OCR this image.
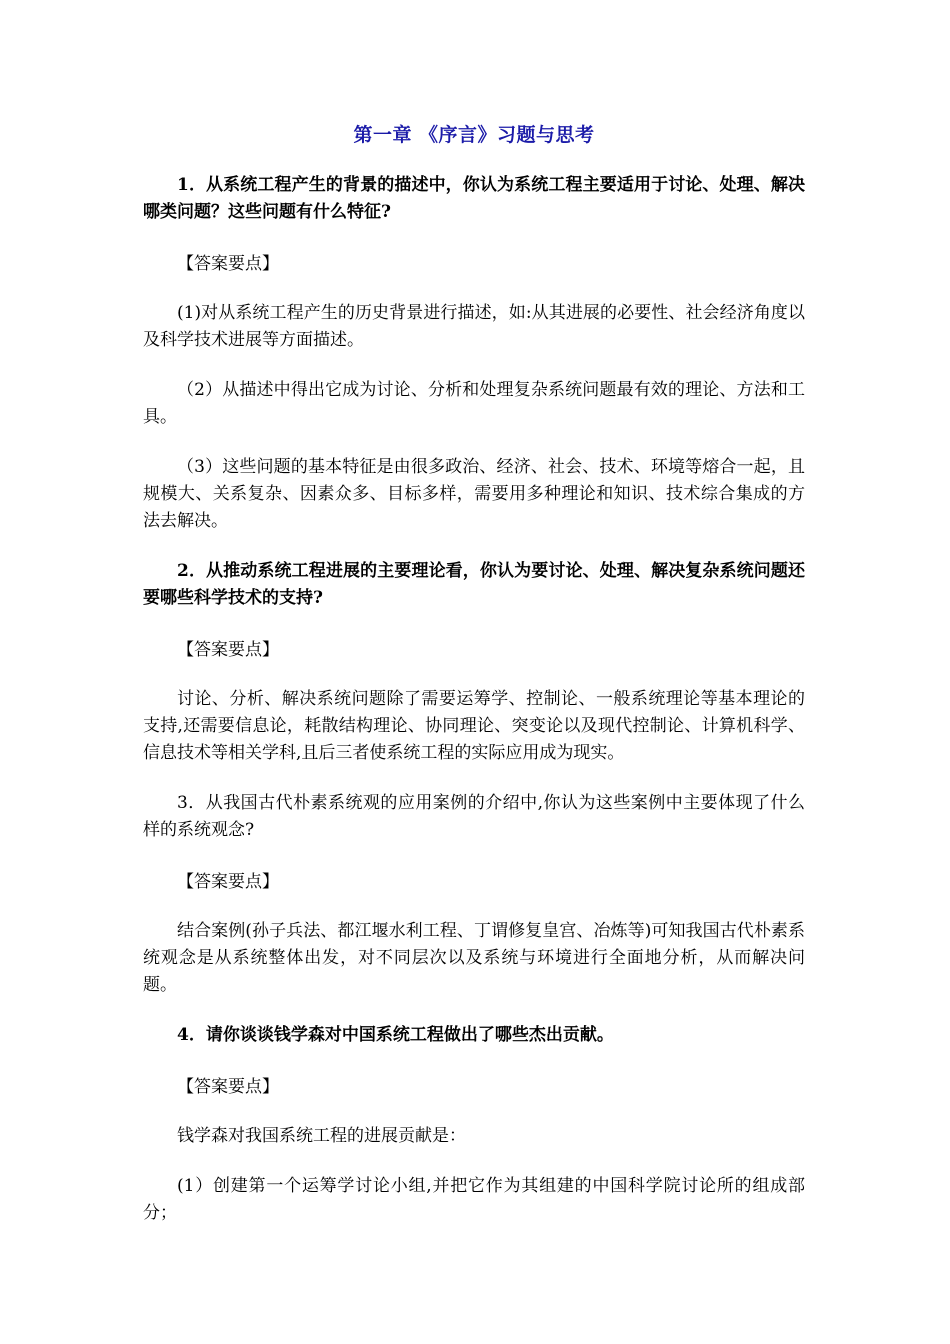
第一章 《序言》习题与思考

1．从系统工程产生的背景的描述中，你认为系统工程主要适用于讨论、处理、解决哪类问题？这些问题有什么特征?

【答案要点】

(1)对从系统工程产生的历史背景进行描述，如:从其进展的必要性、社会经济角度以及科学技术进展等方面描述。

（2）从描述中得出它成为讨论、分析和处理复杂系统问题最有效的理论、方法和工具。

（3）这些问题的基本特征是由很多政治、经济、社会、技术、环境等熔合一起，且规模大、关系复杂、因素众多、目标多样，需要用多种理论和知识、技术综合集成的方法去解决。

2．从推动系统工程进展的主要理论看，你认为要讨论、处理、解决复杂系统问题还要哪些科学技术的支持?

【答案要点】

讨论、分析、解决系统问题除了需要运筹学、控制论、一般系统理论等基本理论的支持,还需要信息论，耗散结构理论、协同理论、突变论以及现代控制论、计算机科学、信息技术等相关学科,且后三者使系统工程的实际应用成为现实。

3．从我国古代朴素系统观的应用案例的介绍中,你认为这些案例中主要体现了什么样的系统观念?

【答案要点】

结合案例(孙子兵法、都江堰水利工程、丁谓修复皇宫、冶炼等)可知我国古代朴素系统观念是从系统整体出发，对不同层次以及系统与环境进行全面地分析，从而解决问题。

4．请你谈谈钱学森对中国系统工程做出了哪些杰出贡献。

【答案要点】

钱学森对我国系统工程的进展贡献是：

(1）创建第一个运筹学讨论小组,并把它作为其组建的中国科学院讨论所的组成部分；
